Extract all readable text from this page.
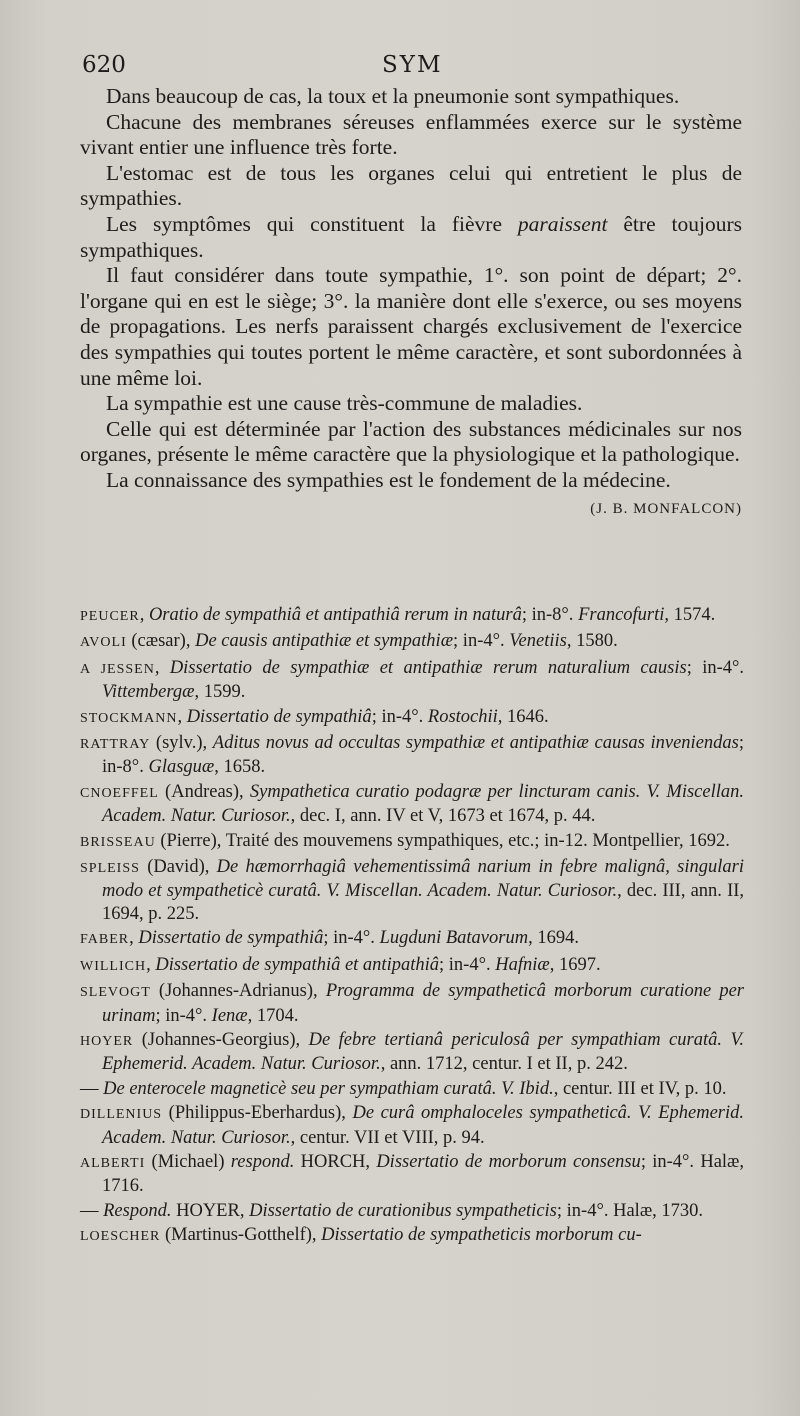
620	SYM

Dans beaucoup de cas, la toux et la pneumonie sont sympathiques.

Chacune des membranes séreuses enflammées exerce sur le système vivant entier une influence très forte.

L'estomac est de tous les organes celui qui entretient le plus de sympathies.

Les symptômes qui constituent la fièvre paraissent être toujours sympathiques.

Il faut considérer dans toute sympathie, 1°. son point de départ; 2°. l'organe qui en est le siège; 3°. la manière dont elle s'exerce, ou ses moyens de propagations. Les nerfs paraissent chargés exclusivement de l'exercice des sympathies qui toutes portent le même caractère, et sont subordonnées à une même loi.

La sympathie est une cause très-commune de maladies.

Celle qui est déterminée par l'action des substances médicinales sur nos organes, présente le même caractère que la physiologique et la pathologique.

La connaissance des sympathies est le fondement de la médecine.

(J. B. MONFALCON)

PEUCER, Oratio de sympathiâ et antipathiâ rerum in naturâ; in-8°. Francofurti, 1574.

AVOLI (cæsar), De causis antipathiæ et sympathiæ; in-4°. Venetiis, 1580.

A JESSEN, Dissertatio de sympathiæ et antipathiæ rerum naturalium causis; in-4°. Vittembergæ, 1599.

STOCKMANN, Dissertatio de sympathiâ; in-4°. Rostochii, 1646.

RATTRAY (sylv.), Aditus novus ad occultas sympathiæ et antipathiæ causas inveniendas; in-8°. Glasguæ, 1658.

CNOEFFEL (Andreas), Sympathetica curatio podagræ per lincturam canis. V. Miscellan. Academ. Natur. Curiosor., dec. I, ann. IV et V, 1673 et 1674, p. 44.

BRISSEAU (Pierre), Traité des mouvemens sympathiques, etc.; in-12. Montpellier, 1692.

SPLEISS (David), De hæmorrhagiâ vehementissimâ narium in febre malignâ, singulari modo et sympatheticè curatâ. V. Miscellan. Academ. Natur. Curiosor., dec. III, ann. II, 1694, p. 225.

FABER, Dissertatio de sympathiâ; in-4°. Lugduni Batavorum, 1694.

WILLICH, Dissertatio de sympathiâ et antipathiâ; in-4°. Hafniæ, 1697.

SLEVOGT (Johannes-Adrianus), Programma de sympatheticâ morborum curatione per urinam; in-4°. Ienæ, 1704.

HOYER (Johannes-Georgius), De febre tertianâ periculosâ per sympathiam curatâ. V. Ephemerid. Academ. Natur. Curiosor., ann. 1712, centur. I et II, p. 242.

— De enterocele magneticè seu per sympathiam curatâ. V. Ibid., centur. III et IV, p. 10.

DILLENIUS (Philippus-Eberhardus), De curâ omphaloceles sympatheticâ. V. Ephemerid. Academ. Natur. Curiosor., centur. VII et VIII, p. 94.

ALBERTI (Michael) respond. HORCH, Dissertatio de morborum consensu; in-4°. Halæ, 1716.

— Respond. HOYER, Dissertatio de curationibus sympatheticis; in-4°. Halæ, 1730.

LOESCHER (Martinus-Gotthelf), Dissertatio de sympatheticis morborum cu-
